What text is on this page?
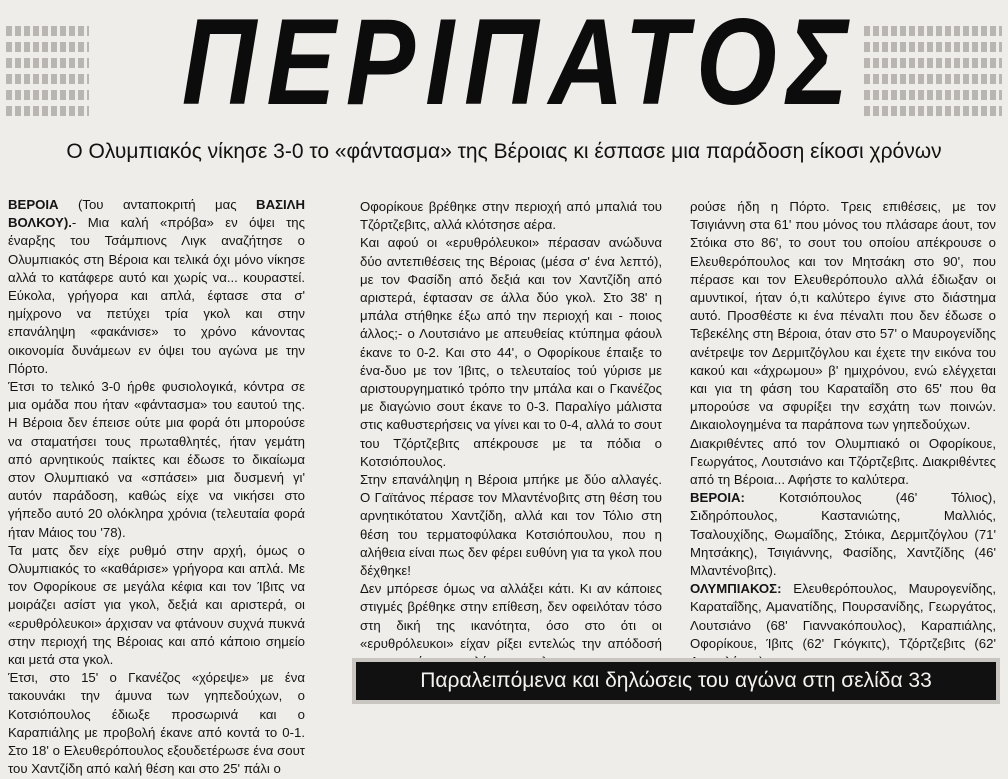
ΠΕΡΙΠΑΤΟΣ
Ο Ολυμπιακός νίκησε 3-0 το «φάντασμα» της Βέροιας κι έσπασε μια παράδοση είκοσι χρόνων

ΒΕΡΟΙΑ (Του ανταποκριτή μας ΒΑΣΙΛΗ ΒΟΛΚΟΥ).- Μια καλή «πρόβα» εν όψει της έναρξης του Τσάμπιονς Λιγκ αναζήτησε ο Ολυμπιακός στη Βέροια και τελικά όχι μόνο νίκησε αλλά το κατάφερε αυτό και χωρίς να... κουραστεί. Εύκολα, γρήγορα και απλά, έφτασε στα σ' ημίχρονο να πετύχει τρία γκολ και στην επανάληψη «φακάνισε» το χρόνο κάνοντας οικονομία δυνάμεων εν όψει του αγώνα με την Πόρτο.

Έτσι το τελικό 3-0 ήρθε φυσιολογικά, κόντρα σε μια ομάδα που ήταν «φάντασμα» του εαυτού της. Η Βέροια δεν έπεισε ούτε μια φορά ότι μπορούσε να σταματήσει τους πρωταθλητές, ήταν γεμάτη από αρνητικούς παίκτες και έδωσε το δικαίωμα στον Ολυμπιακό να «σπάσει» μια δυσμενή γι' αυτόν παράδοση, καθώς είχε να νικήσει στο γήπεδο αυτό 20 ολόκληρα χρόνια (τελευταία φορά ήταν Μάιος του '78).

Τα ματς δεν είχε ρυθμό στην αρχή, όμως ο Ολυμπιακός το «καθάρισε» γρήγορα και απλά. Με τον Οφορίκουε σε μεγάλα κέφια και τον Ίβιτς να μοιράζει ασίστ για γκολ, δεξιά και αριστερά, οι «ερυθρόλευκοι» άρχισαν να φτάνουν συχνά πυκνά στην περιοχή της Βέροιας και από κάποιο σημείο και μετά στα γκολ.

Έτσι, στο 15' ο Γκανέζος «χόρεψε» με ένα τακουνάκι την άμυνα των γηπεδούχων, ο Κοτσιόπουλος έδιωξε προσωρινά και ο Καραπιάλης με προβολή έκανε από κοντά το 0-1. Στο 18' ο Ελευθερόπουλος εξουδετέρωσε ένα σουτ του Χαντζίδη από καλή θέση και στο 25' πάλι ο

Οφορίκουε βρέθηκε στην περιοχή από μπαλιά του Τζόρτζεβιτς, αλλά κλότσησε αέρα.

Και αφού οι «ερυθρόλευκοι» πέρασαν ανώδυνα δύο αντεπιθέσεις της Βέροιας (μέσα σ' ένα λεπτό), με τον Φασίδη από δεξιά και τον Χαντζίδη από αριστερά, έφτασαν σε άλλα δύο γκολ. Στο 38' η μπάλα στήθηκε έξω από την περιοχή και - ποιος άλλος;- ο Λουτσιάνο με απευθείας κτύπημα φάουλ έκανε το 0-2. Και στο 44', ο Οφορίκουε έπαιξε το ένα-δυο με τον Ίβιτς, ο τελευταίος τού γύρισε με αριστουργηματικό τρόπο την μπάλα και ο Γκανέζος με διαγώνιο σουτ έκανε το 0-3. Παραλίγο μάλιστα στις καθυστερήσεις να γίνει και το 0-4, αλλά το σουτ του Τζόρτζεβιτς απέκρουσε με τα πόδια ο Κοτσιόπουλος.

Στην επανάληψη η Βέροια μπήκε με δύο αλλαγές. Ο Γαϊτάνος πέρασε τον Μλαντένοβιτς στη θέση του αρνητικότατου Χαντζίδη, αλλά και τον Τόλιο στη θέση του τερματοφύλακα Κοτσιόπουλου, που η αλήθεια είναι πως δεν φέρει ευθύνη για τα γκολ που δέχθηκε!

Δεν μπόρεσε όμως να αλλάξει κάτι. Κι αν κάποιες στιγμές βρέθηκε στην επίθεση, δεν οφειλόταν τόσο στη δική της ικανότητα, όσο στο ότι οι «ερυθρόλευκοι» είχαν ρίξει εντελώς την απόδοσή

ρούσε ήδη η Πόρτο. Τρεις επιθέσεις, με τον Τσιγιάννη στα 61' που μόνος του πλάσαρε άουτ, τον Στόικα στο 86', το σουτ του οποίου απέκρουσε ο Ελευθερόπουλος και τον Μητσάκη στο 90', που πέρασε και τον Ελευθερόπουλο αλλά έδιωξαν οι αμυντικοί, ήταν ό,τι καλύτερο έγινε στο διάστημα αυτό. Προσθέστε κι ένα πέναλτι που δεν έδωσε ο Τεβεκέλης στη Βέροια, όταν στο 57' ο Μαυρογενίδης ανέτρεψε τον Δερμιτζόγλου και έχετε την εικόνα του κακού και «άχρωμου» β' ημιχρόνου, ενώ ελέγχεται και για τη φάση του Καραταΐδη στο 65' που θα μπορούσε να σφυρίξει την εσχάτη των ποινών. Δικαιολογημένα τα παράπονα των γηπεδούχων.

Διακριθέντες από τον Ολυμπιακό οι Οφορίκουε, Γεωργάτος, Λουτσιάνο και Τζόρτζεβιτς. Διακριθέντες από τη Βέροια... Αφήστε το καλύτερα.

ΒΕΡΟΙΑ: Κοτσιόπουλος (46' Τόλιος), Σιδηρόπουλος, Καστανιώτης, Μαλλιός, Τσαλουχίδης, Θωμαΐδης, Στόικα, Δερμιτζόγλου (71' Μητσάκης), Τσιγιάννης, Φασίδης, Χαντζίδης (46' Μλαντένοβιτς).

ΟΛΥΜΠΙΑΚΟΣ: Ελευθερόπουλος, Μαυρογενίδης, Καραταΐδης, Αμανατίδης, Πουρσανίδης, Γεωργάτος, Λουτσιάνο (68' Γιαννακόπουλος), Καραπιάλης, Οφορίκουε, Ίβιτς (62' Γκόγκιτς), Τζόρτζεβιτς (62'

Παραλειπόμενα και δηλώσεις του αγώνα στη σελίδα 33
